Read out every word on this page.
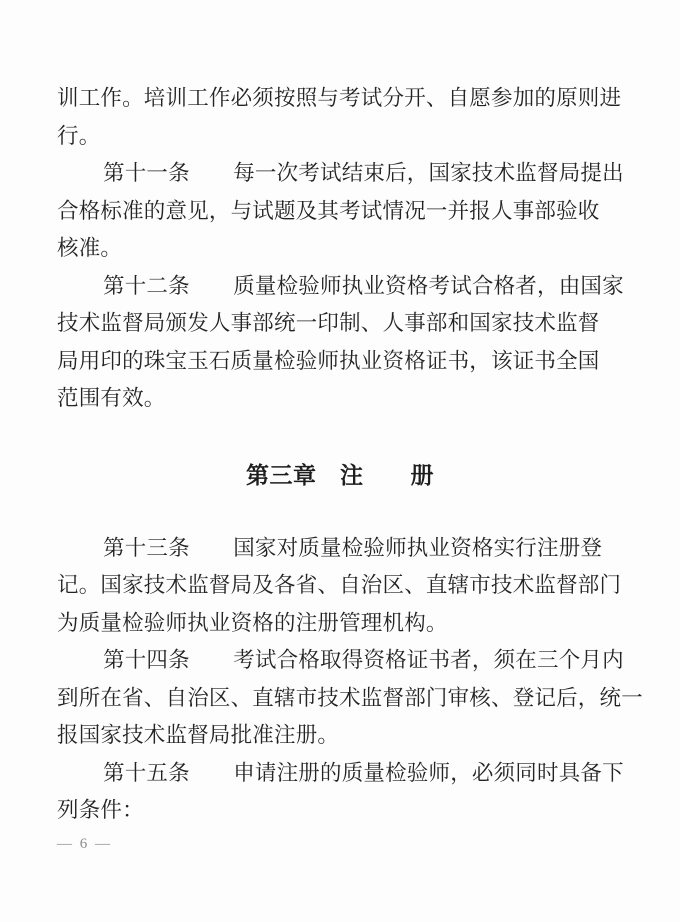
训工作。培训工作必须按照与考试分开、自愿参加的原则进
行。
第十一条　　每一次考试结束后，国家技术监督局提出
合格标准的意见，与试题及其考试情况一并报人事部验收
核准。
第十二条　　质量检验师执业资格考试合格者，由国家
技术监督局颁发人事部统一印制、人事部和国家技术监督
局用印的珠宝玉石质量检验师执业资格证书，该证书全国
范围有效。
第三章　注　　册
第十三条　　国家对质量检验师执业资格实行注册登
记。国家技术监督局及各省、自治区、直辖市技术监督部门
为质量检验师执业资格的注册管理机构。
第十四条　　考试合格取得资格证书者，须在三个月内
到所在省、自治区、直辖市技术监督部门审核、登记后，统一
报国家技术监督局批准注册。
第十五条　　申请注册的质量检验师，必须同时具备下
列条件：
— 6 —
